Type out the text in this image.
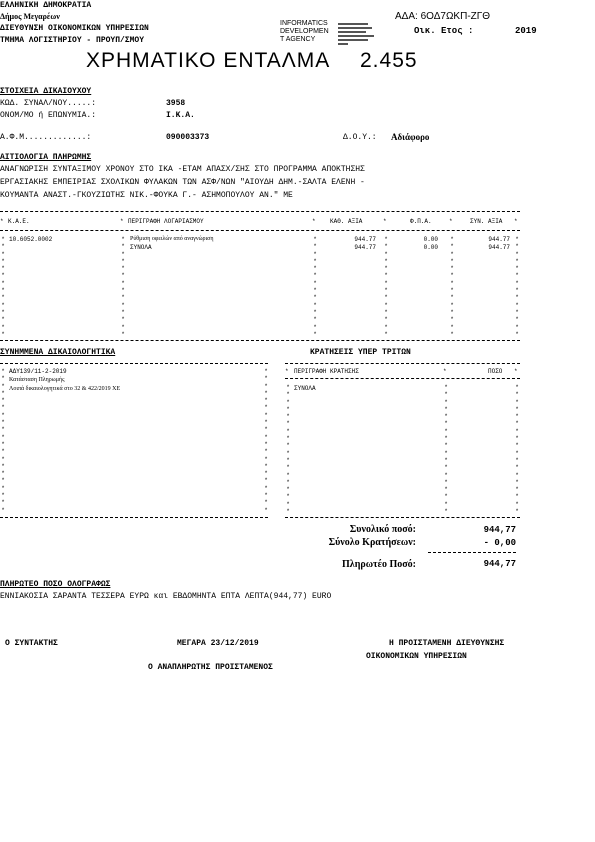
ΕΛΛΗΝΙΚΗ ΔΗΜΟΚΡΑΤΙΑ
Δήμος Μεγαρέων
ΔΙΕΥΘΥΝΣΗ ΟΙΚΟΝΟΜΙΚΩΝ ΥΠΗΡΕΣΙΩΝ
ΤΜΗΜΑ ΛΟΓΙΣΤΗΡΙΟΥ - ΠΡΟΥΠ/ΣΜΟΥ
INFORMATICS
DEVELOPMEN
T AGENCY
ΑΔΑ: 6ΟΔ7ΩΚΠ-ΖΓΘ
Οικ. Ετος :	2019
ΧΡΗΜΑΤΙΚΟ ΕΝΤΑΛΜΑ 2.455
ΣΤΟΙΧΕΙΑ ΔΙΚΑΙΟΥΧΟΥ
ΚΩΔ. ΣΥΝΑΛ/ΝΟΥ.....:	3958
ΟΝΟΜ/ΜΟ ή ΕΠΩΝΥΜΙΑ.:	Ι.Κ.Α.
Α.Φ.Μ.............:	090003373	Δ.Ο.Υ.: Αδιάφορο
ΑΙΤΙΟΛΟΓΙΑ ΠΛΗΡΩΜΗΣ
ΑΝΑΓΝΩΡΙΣΗ ΣΥΝΤΑΞΙΜΟΥ ΧΡΟΝΟΥ ΣΤΟ ΙΚΑ -ΕΤΑΜ ΑΠΑΣΧ/ΣΗΣ ΣΤΟ ΠΡΟΓΡΑΜΜΑ ΑΠΟΚΤΗΣΗΣ
ΕΡΓΑΣΙΑΚΗΣ ΕΜΠΕΙΡΙΑΣ ΣΧΟΛΙΚΩΝ ΦΥΛΑΚΩΝ ΤΩΝ ΑΣΦ/ΝΩΝ "ΑΙΟΥΔΗ ΔΗΜ.-ΣΑΛΤΑ ΕΛΕΝΗ -
ΚΟΥΜΑΝΤΑ ΑΝΑΣΤ.-ΓΚΟΥΖΙΩΤΗΣ ΝΙΚ.-ΦΟΥΚΑ Γ.- ΑΣΗΜΟΠΟΥΛΟΥ ΑΝ." ΜΕ
* Κ.Α.Ε.	* ΠΕΡΙΓΡΑΦΗ ΛΟΓΑΡΙΑΣΜΟΥ	* ΚΑΘ. ΑΞΙΑ	*	Φ.Π.Α.	*	ΣΥΝ. ΑΞΙΑ *
*
*
*
*
*
*
*
*
*
*
*
*
*
*
*
*
*
*
*
*
*
*
*
*
*
*
*
*
*
*
*
*
*
*
*
*
*
*
*
*
*
*
*
*
*
*
*
*
*
*
*
*
*
*
*
*
*
*
*
*
*
*
*
*
*
*
*
*
*
*
*
*
*
*
*
*
*
*
*
*
*
*
*
*
10.6052.0002	Ρύθμιση οφειλών από αναγνώριση	944.77	0.00	944.77
ΣΥΝΟΛΑ	944.77	0.00	944.77
ΣΥΝΗΜΜΕΝΑ ΔΙΚΑΙΟΛΟΓΗΤΙΚΑ
*
*
*
*
*
*
*
*
*
*
*
*
*
*
*
*
*
*
*
*
*
*
*
*
*
*
*
*
*
*
*
*
*
*
*
*
*
*
*
*
ΑΔΥ139/11-2-2019
Κατάσταση Πληρωμής
Λοιπά δικαιολογητικά στο 32 & 422/2019 ΧΕ
ΚΡΑΤΗΣΕΙΣ ΥΠΕΡ ΤΡΙΤΩΝ
* ΠΕΡΙΓΡΑΦΗ ΚΡΑΤΗΣΗΣ	*	ΠΟΣΟ *
*
*
*
*
*
*
*
*
*
*
*
*
*
*
*
*
*
*
*
*
*
*
*
*
*
*
*
*
*
*
*
*
*
*
*
*
*
*
*
*
*
*
*
*
*
*
*
*
*
*
*
*
*
*
ΣΥΝΟΛΑ
Συνολικό ποσό:	944,77
Σύνολο Κρατήσεων:	- 0,00
Πληρωτέο Ποσό:	944,77
ΠΛΗΡΩΤΕΟ ΠΟΣΟ ΟΛΟΓΡΑΦΩΣ
ΕΝΝΙΑΚΟΣΙΑ ΣΑΡΑΝΤΑ ΤΕΣΣΕΡΑ ΕΥΡΩ και ΕΒΔΟΜΗΝΤΑ ΕΠΤΑ ΛΕΠΤΑ(944,77) EURO
Ο ΣΥΝΤΑΚΤΗΣ	ΜΕΓΑΡΑ 23/12/2019	Η ΠΡΟΙΣΤΑΜΕΝΗ ΔΙΕΥΘΥΝΣΗΣ
ΟΙΚΟΝΟΜΙΚΩΝ ΥΠΗΡΕΣΙΩΝ
Ο ΑΝΑΠΛΗΡΩΤΗΣ ΠΡΟΙΣΤΑΜΕΝΟΣ
